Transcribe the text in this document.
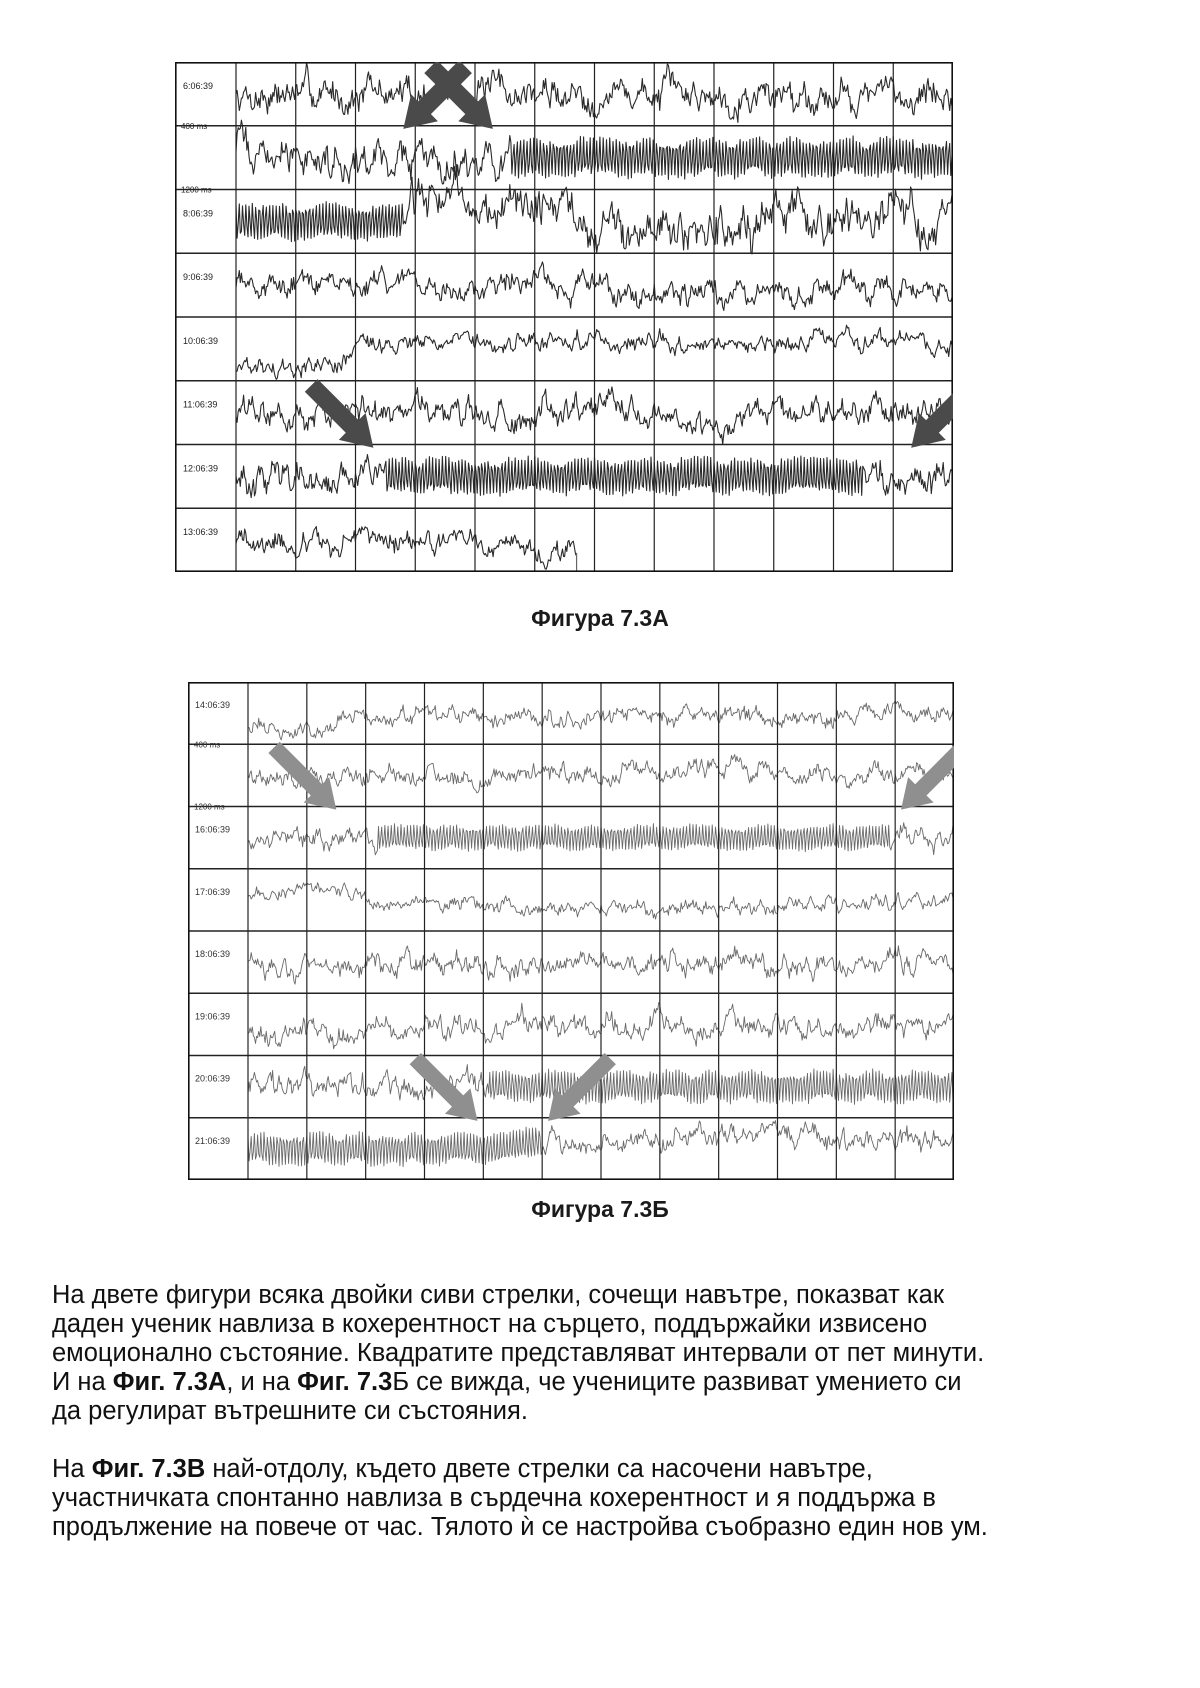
6:06:39
8:06:39
9:06:39
10:06:39
11:06:39
12:06:39
13:06:39
400 ms
1200 ms
Фигура 7.3А
14:06:39
16:06:39
17:06:39
18:06:39
19:06:39
20:06:39
21:06:39
400 ms
1200 ms
Фигура 7.3Б

На двете фигури всяка двойки сиви стрелки, сочещи навътре, показват как
даден ученик навлиза в кохерентност на сърцето, поддържайки извисено
емоционално състояние. Квадратите представляват интервали от пет минути.
И на Фиг. 7.3А, и на Фиг. 7.3Б се вижда, че учениците развиват умението си
да регулират вътрешните си състояния.

На Фиг. 7.3В най-отдолу, където двете стрелки са насочени навътре,
участничката спонтанно навлиза в сърдечна кохерентност и я поддържа в
продължение на повече от час. Тялото ѝ се настройва съобразно един нов ум.
